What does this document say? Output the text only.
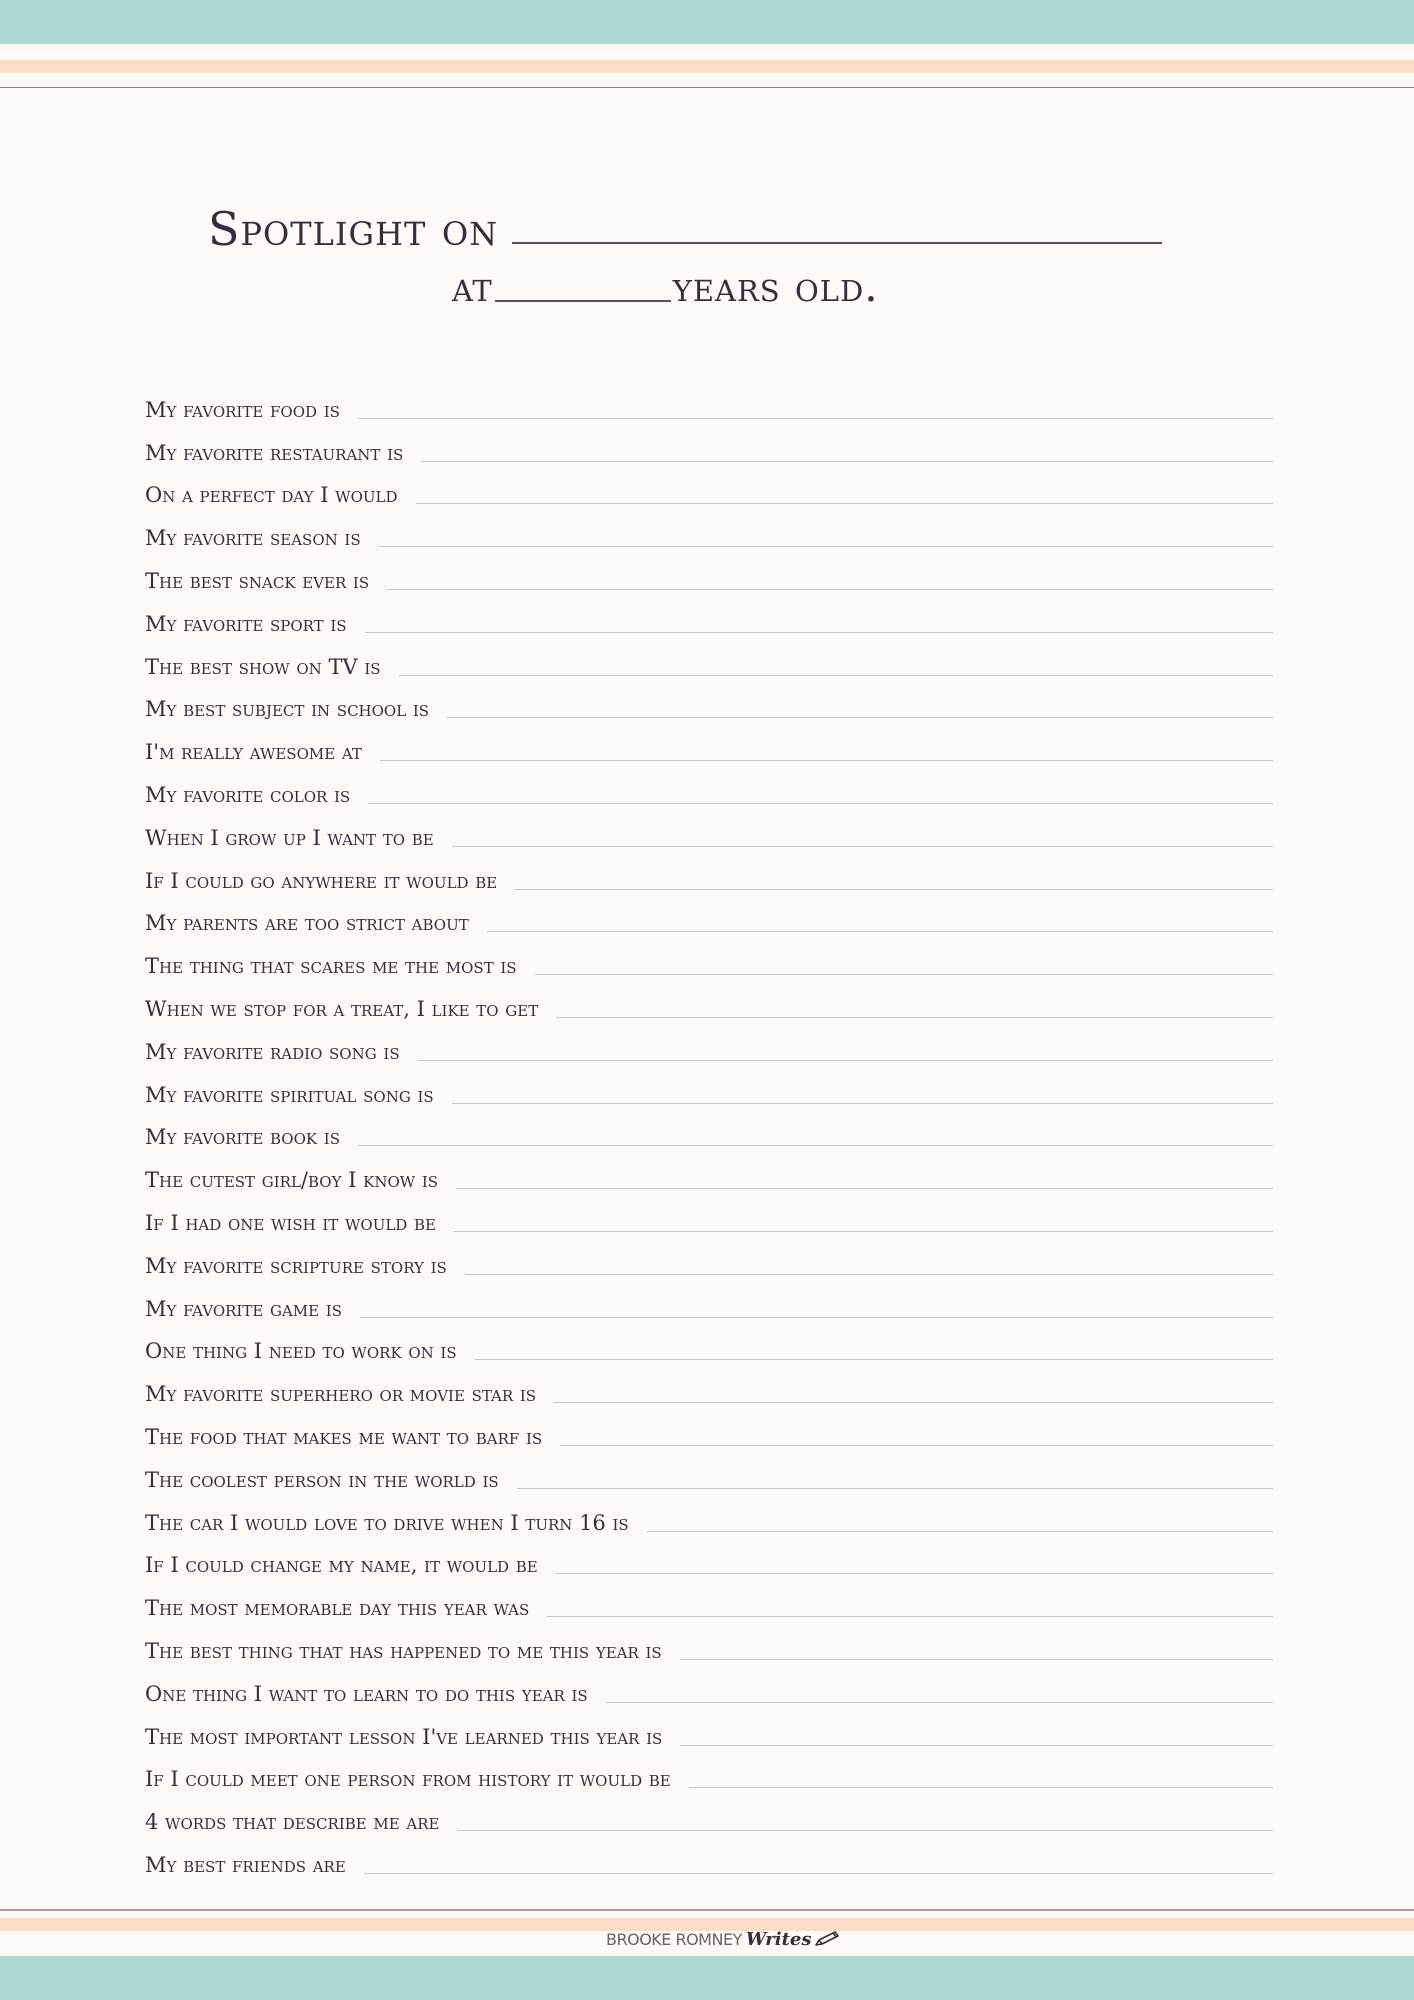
Spotlight on
at	years old.
My favorite food is
My favorite restaurant is
On a perfect day I would
My favorite season is
The best snack ever is
My favorite sport is
The best show on TV is
My best subject in school is
I'm really awesome at
My favorite color is
When I grow up I want to be
If I could go anywhere it would be
My parents are too strict about
The thing that scares me the most is
When we stop for a treat, I like to get
My favorite radio song is
My favorite spiritual song is
My favorite book is
The cutest girl/boy I know is
If I had one wish it would be
My favorite scripture story is
My favorite game is
One thing I need to work on is
My favorite superhero or movie star is
The food that makes me want to barf is
The coolest person in the world is
The car I would love to drive when I turn 16 is
If I could change my name, it would be
The most memorable day this year was
The best thing that has happened to me this year is
One thing I want to learn to do this year is
The most important lesson I've learned this year is
If I could meet one person from history it would be
4 words that describe me are
My best friends are
BROOKE ROMNEY Writes
